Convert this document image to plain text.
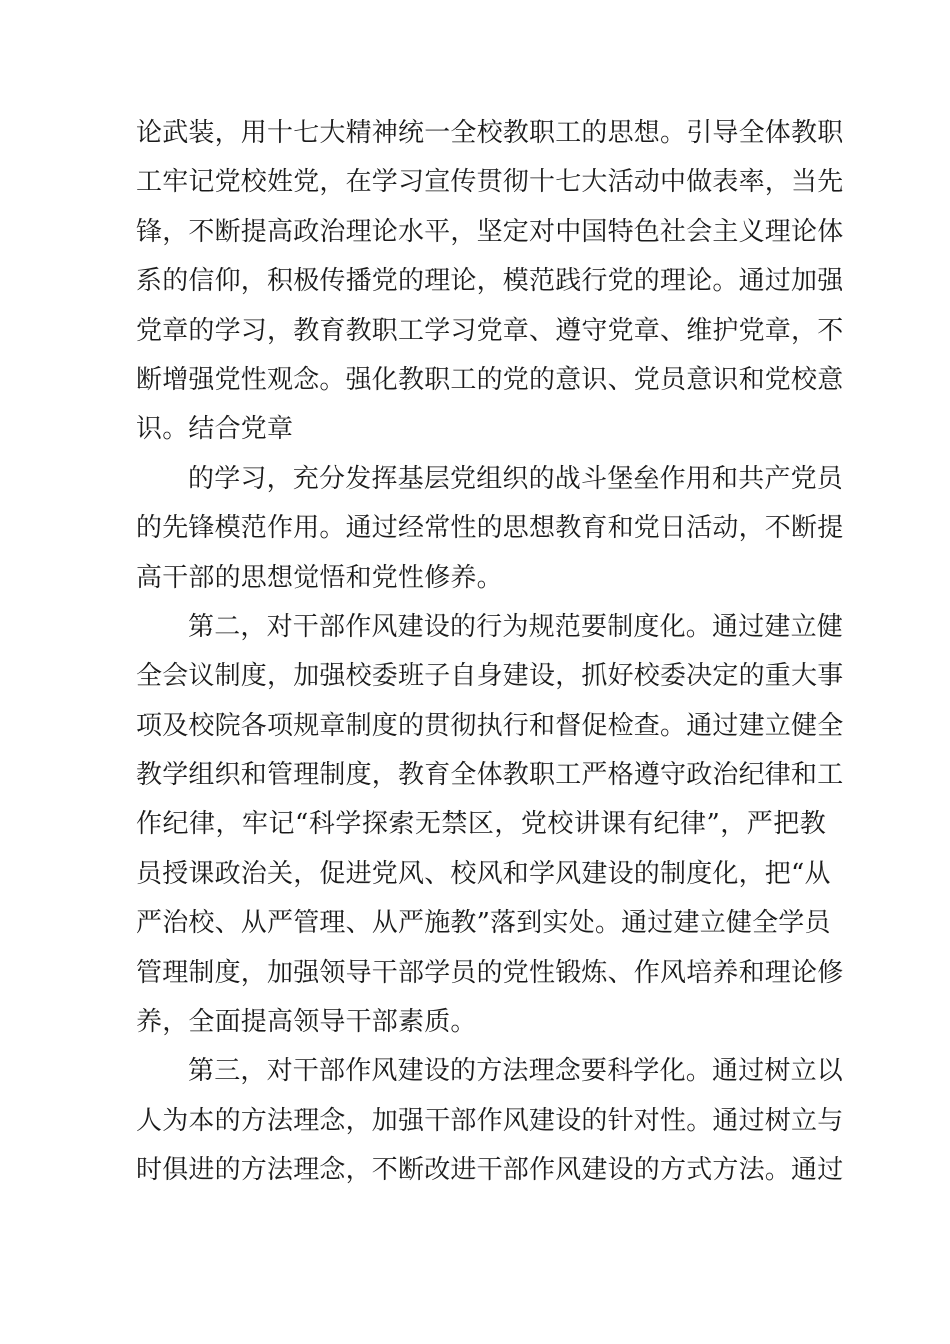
论武装，用十七大精神统一全校教职工的思想。引导全体教职
工牢记党校姓党，在学习宣传贯彻十七大活动中做表率，当先
锋，不断提高政治理论水平，坚定对中国特色社会主义理论体
系的信仰，积极传播党的理论，模范践行党的理论。通过加强
党章的学习，教育教职工学习党章、遵守党章、维护党章，不
断增强党性观念。强化教职工的党的意识、党员意识和党校意
识。结合党章
的学习，充分发挥基层党组织的战斗堡垒作用和共产党员
的先锋模范作用。通过经常性的思想教育和党日活动，不断提
高干部的思想觉悟和党性修养。
第二，对干部作风建设的行为规范要制度化。通过建立健
全会议制度，加强校委班子自身建设，抓好校委决定的重大事
项及校院各项规章制度的贯彻执行和督促检查。通过建立健全
教学组织和管理制度，教育全体教职工严格遵守政治纪律和工
作纪律，牢记“科学探索无禁区，党校讲课有纪律”，严把教
员授课政治关，促进党风、校风和学风建设的制度化，把“从
严治校、从严管理、从严施教”落到实处。通过建立健全学员
管理制度，加强领导干部学员的党性锻炼、作风培养和理论修
养，全面提高领导干部素质。
第三，对干部作风建设的方法理念要科学化。通过树立以
人为本的方法理念，加强干部作风建设的针对性。通过树立与
时俱进的方法理念，不断改进干部作风建设的方式方法。通过
